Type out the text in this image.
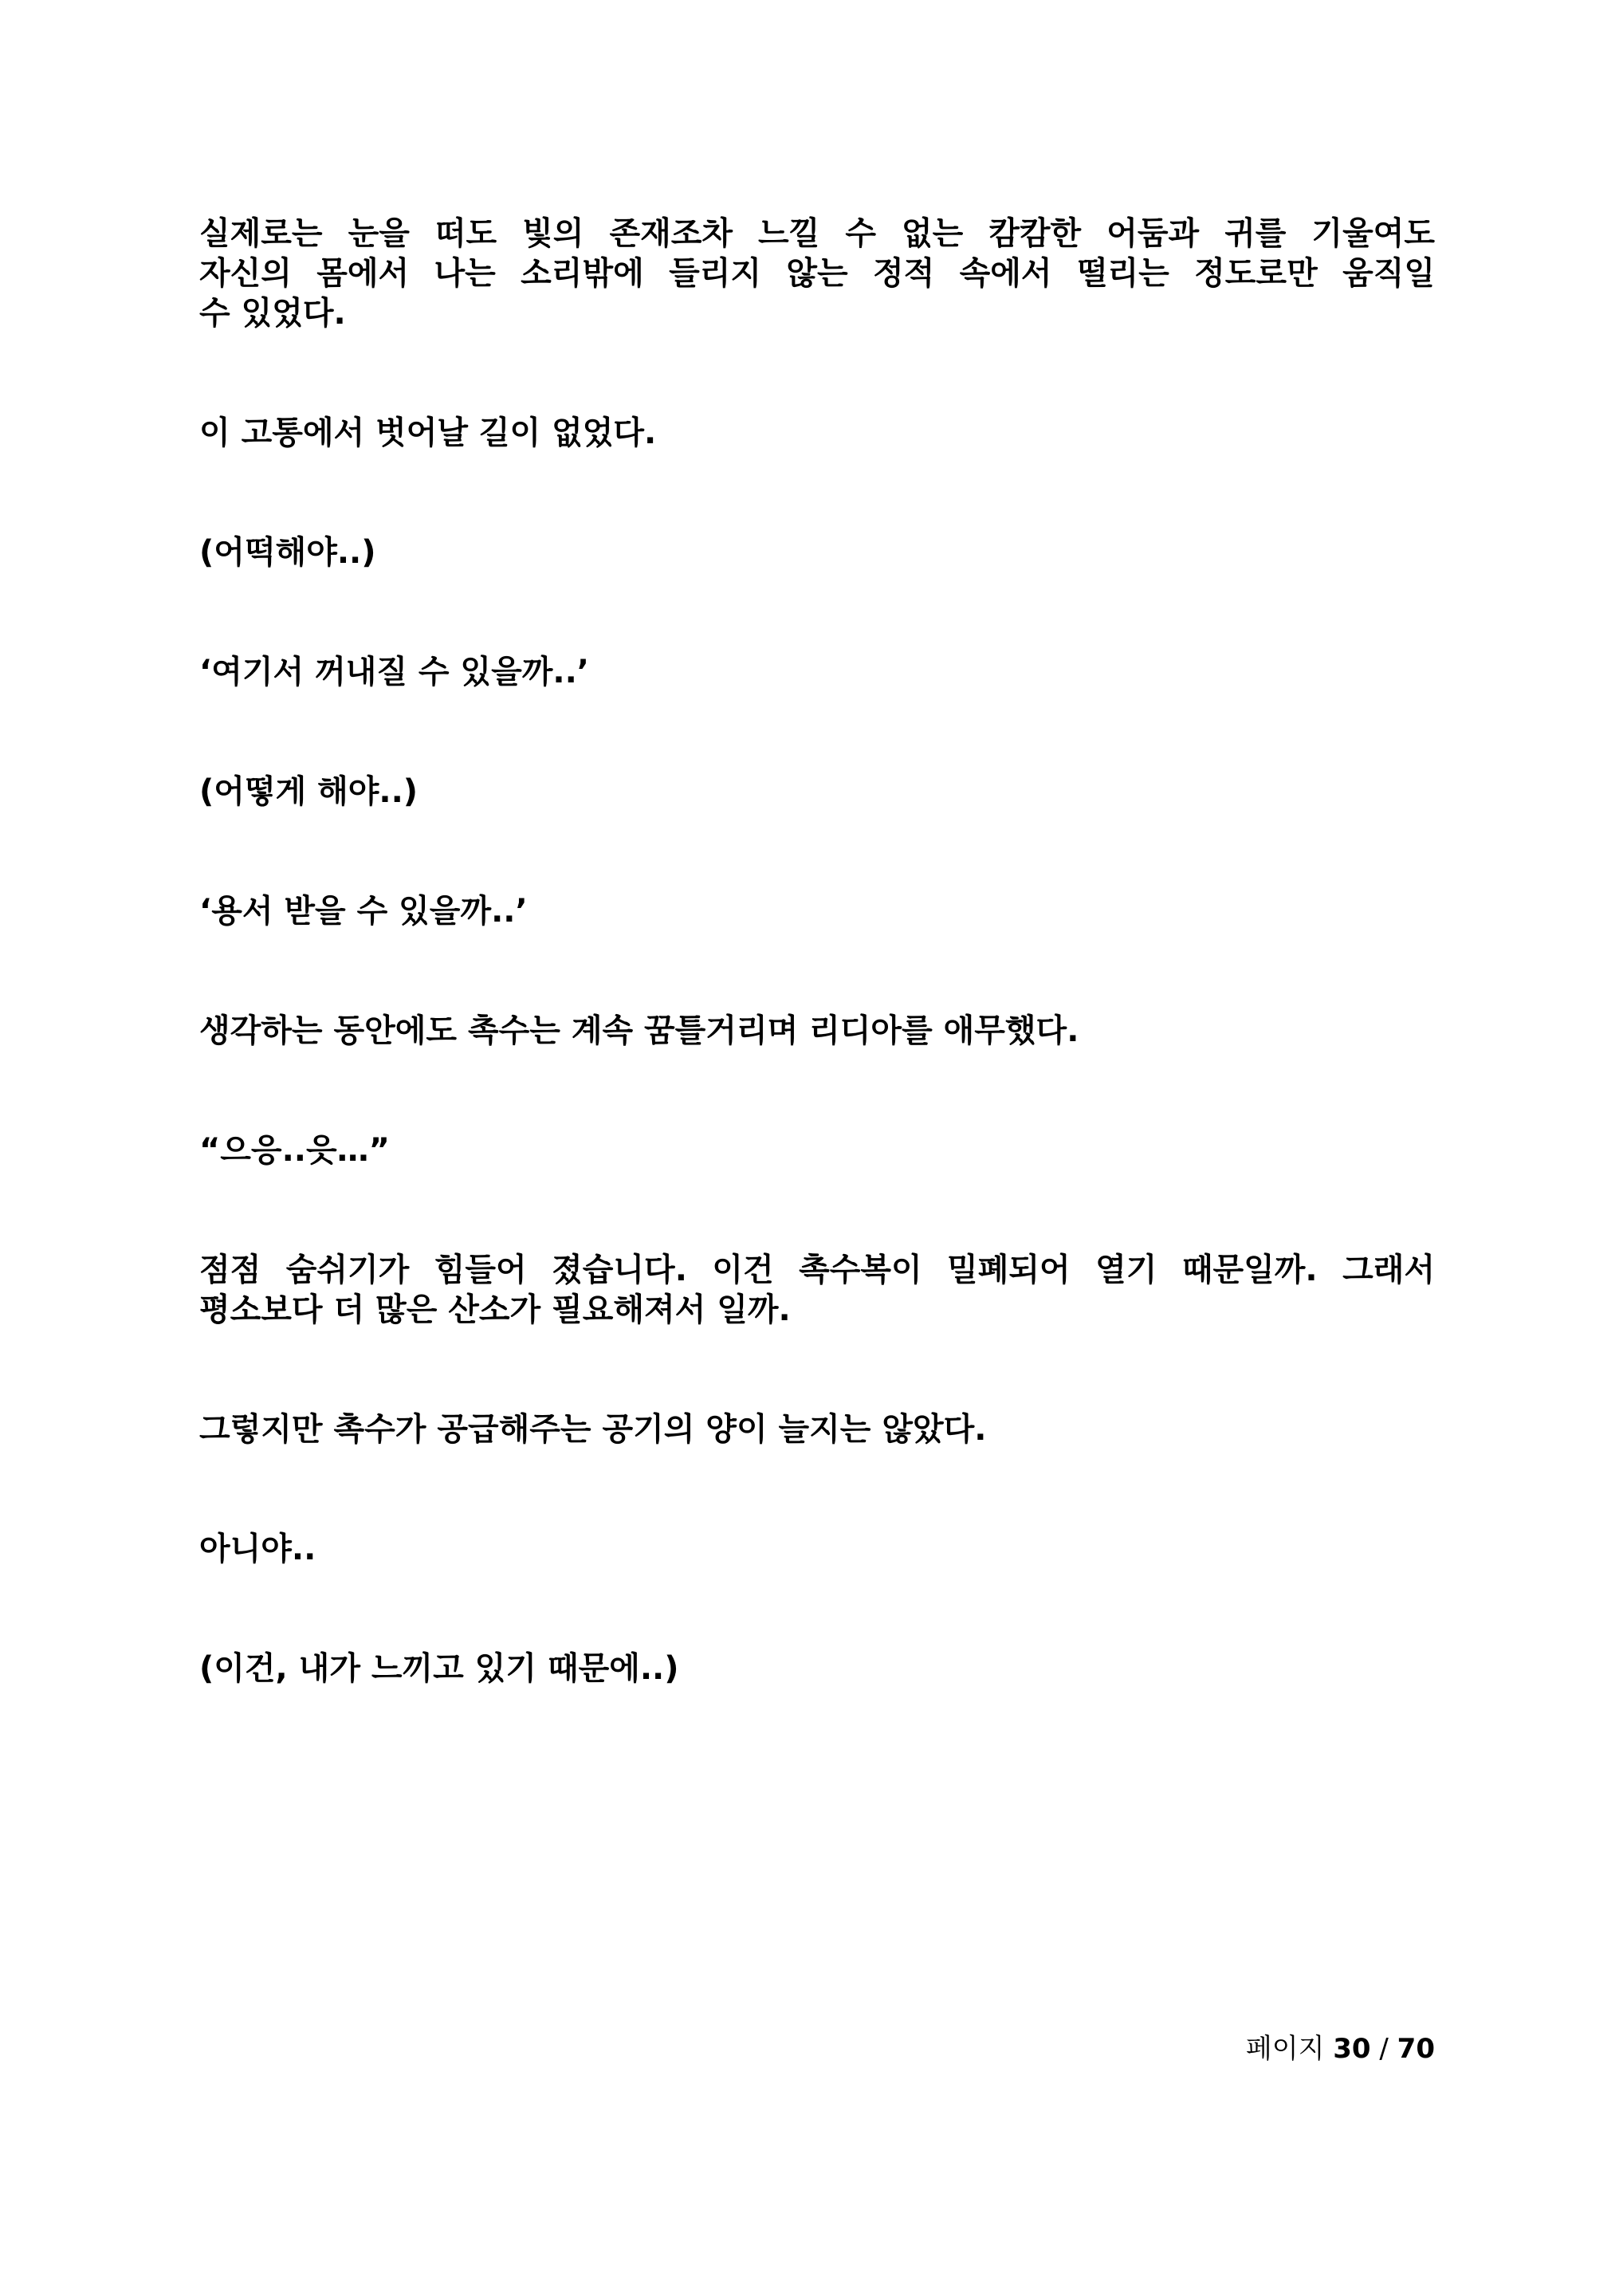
실제로는 눈을 떠도 빛의 존재조차 느낄 수 없는 캄캄한 어둠과 귀를 기울여도
자신의 몸에서 나는 소리밖에 들리지 않는 정적 속에서 떨리는 정도로만 움직일
수 있었다.

이 고통에서 벗어날 길이 없었다.

(어떡해야..)

‘여기서 꺼내질 수 있을까..’

(어떻게 해야..)

‘용서 받을 수 있을까..’

생각하는 동안에도 촉수는 계속 꿈틀거리며 리디아를 애무했다.

“으응..읏…”

점점 숨쉬기가 힘들어 졌습니다. 이건 촉수복이 밀폐되어 열기 때문일까. 그래서
평소보다 더 많은 산소가 필요해져서 일까.

그렇지만 촉수가 공급해주는 공기의 양이 늘지는 않았다.

아니야..

(이건, 내가 느끼고 있기 때문에..)

페이지 30 / 70
